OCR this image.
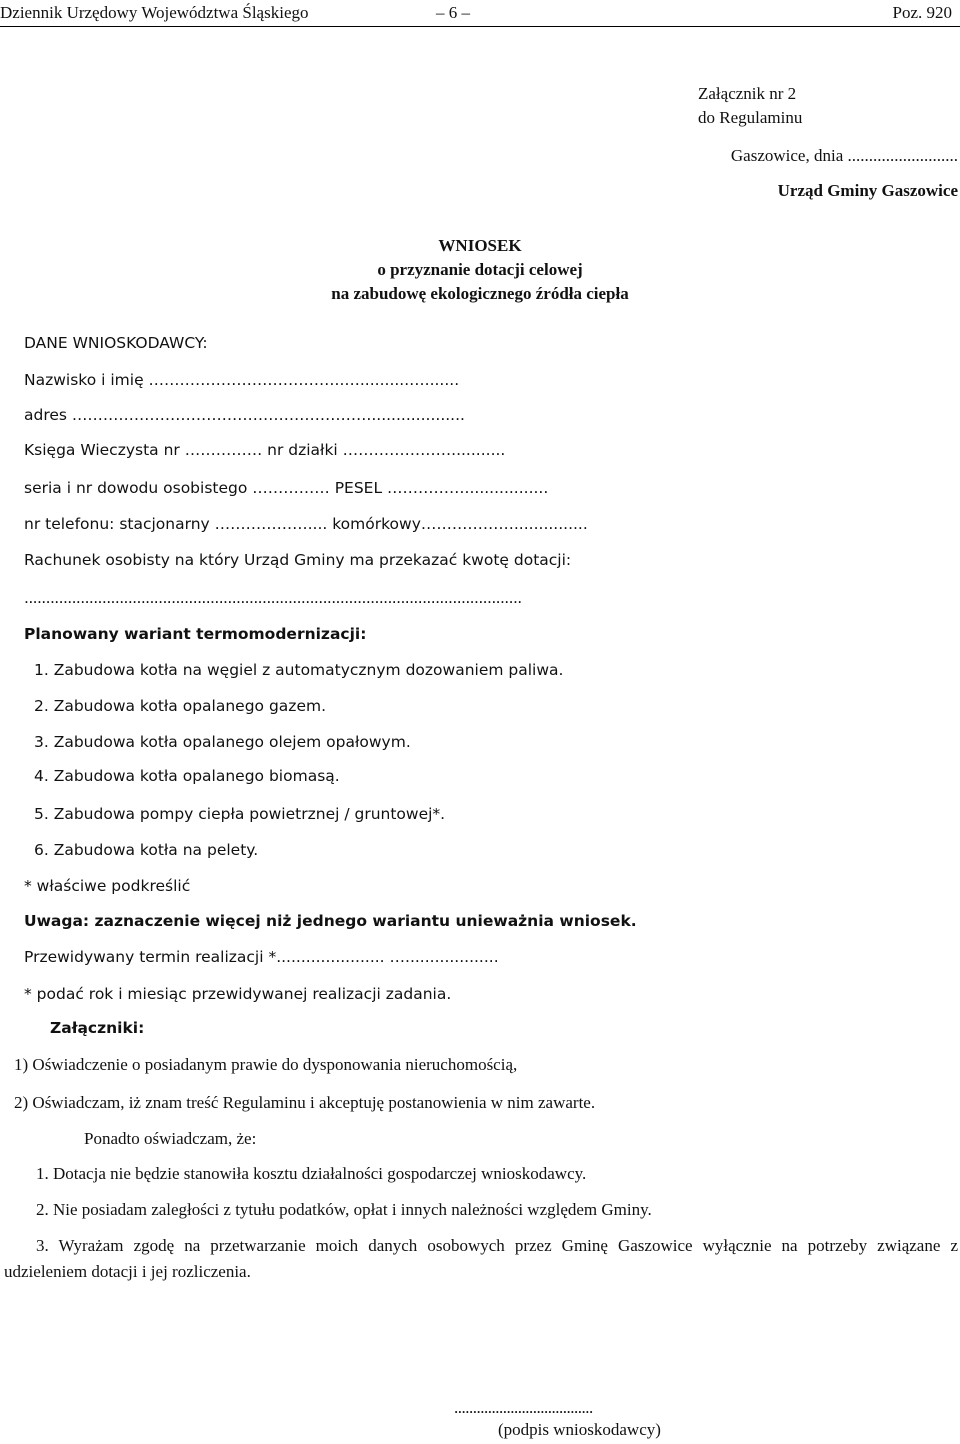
Dziennik Urzędowy Województwa Śląskiego	– 6 –	Poz. 920
Załącznik nr 2
do Regulaminu
Gaszowice, dnia ..........................
Urząd Gminy Gaszowice
WNIOSEK
o przyznanie dotacji celowej
na zabudowę ekologicznego źródła ciepła
DANE WNIOSKODAWCY:
Nazwisko i imię ………………………………..…..........….......
adres …………………………………………………....................
Księga Wieczysta nr …………… nr działki …………………...........
seria i nr dowodu osobistego …………… PESEL …………….................
nr telefonu: stacjonarny ……………….... komórkowy………………...............
Rachunek osobisty na który Urząd Gminy ma przekazać kwotę dotacji:
...................................................................................................................
Planowany wariant termomodernizacji:
1. Zabudowa kotła na węgiel z automatycznym dozowaniem paliwa.
2. Zabudowa kotła opalanego gazem.
3. Zabudowa kotła opalanego olejem opałowym.
4. Zabudowa kotła opalanego biomasą.
5. Zabudowa pompy ciepła powietrznej / gruntowej*.
6. Zabudowa kotła na pelety.
* właściwe podkreślić
Uwaga: zaznaczenie więcej niż jednego wariantu unieważnia wniosek.
Przewidywany termin realizacji *...................... …...................
* podać rok i miesiąc przewidywanej realizacji zadania.
Załączniki:
1) Oświadczenie o posiadanym prawie do dysponowania nieruchomością,
2) Oświadczam, iż znam treść Regulaminu i akceptuję postanowienia w nim zawarte.
Ponadto oświadczam, że:
1. Dotacja nie będzie stanowiła kosztu działalności gospodarczej wnioskodawcy.
2. Nie posiadam zaległości z tytułu podatków, opłat i innych należności względem Gminy.
3. Wyrażam zgodę na przetwarzanie moich danych osobowych przez Gminę Gaszowice wyłącznie na potrzeby związane z udzieleniem dotacji i jej rozliczenia.
.....................................
(podpis wnioskodawcy)
